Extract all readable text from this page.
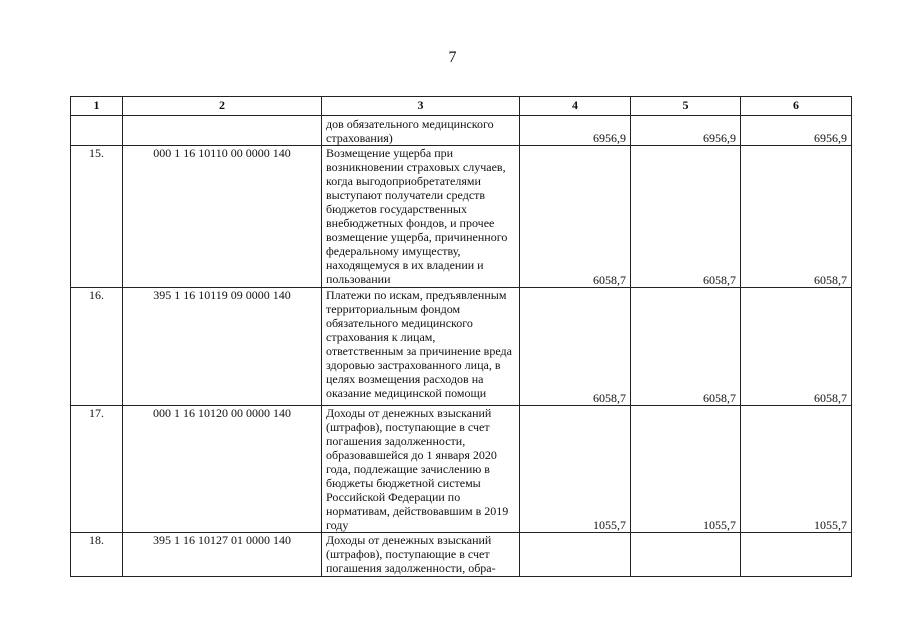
7
1	2	3	4	5	6
		дов обязательного медицинского страхования)	6956,9	6956,9	6956,9
15.	000 1 16 10110 00 0000 140	Возмещение ущерба при возникновении страховых случаев, когда выгодоприобретателями выступают получатели средств бюджетов государственных внебюджетных фондов, и прочее возмещение ущерба, причиненного федеральному имуществу, находящемуся в их владении и пользовании	6058,7	6058,7	6058,7
16.	395 1 16 10119 09 0000 140	Платежи по искам, предъявленным территориальным фондом обязательного медицинского страхования к лицам, ответственным за причинение вреда здоровью застрахованного лица, в целях возмещения расходов на оказание медицинской помощи	6058,7	6058,7	6058,7
17.	000 1 16 10120 00 0000 140	Доходы от денежных взысканий (штрафов), поступающие в счет погашения задолженности, образовавшейся до 1 января 2020 года, подлежащие зачислению в бюджеты бюджетной системы Российской Федерации по нормативам, действовавшим в 2019 году	1055,7	1055,7	1055,7
18.	395 1 16 10127 01 0000 140	Доходы от денежных взысканий (штрафов), поступающие в счет погашения задолженности, обра-			
